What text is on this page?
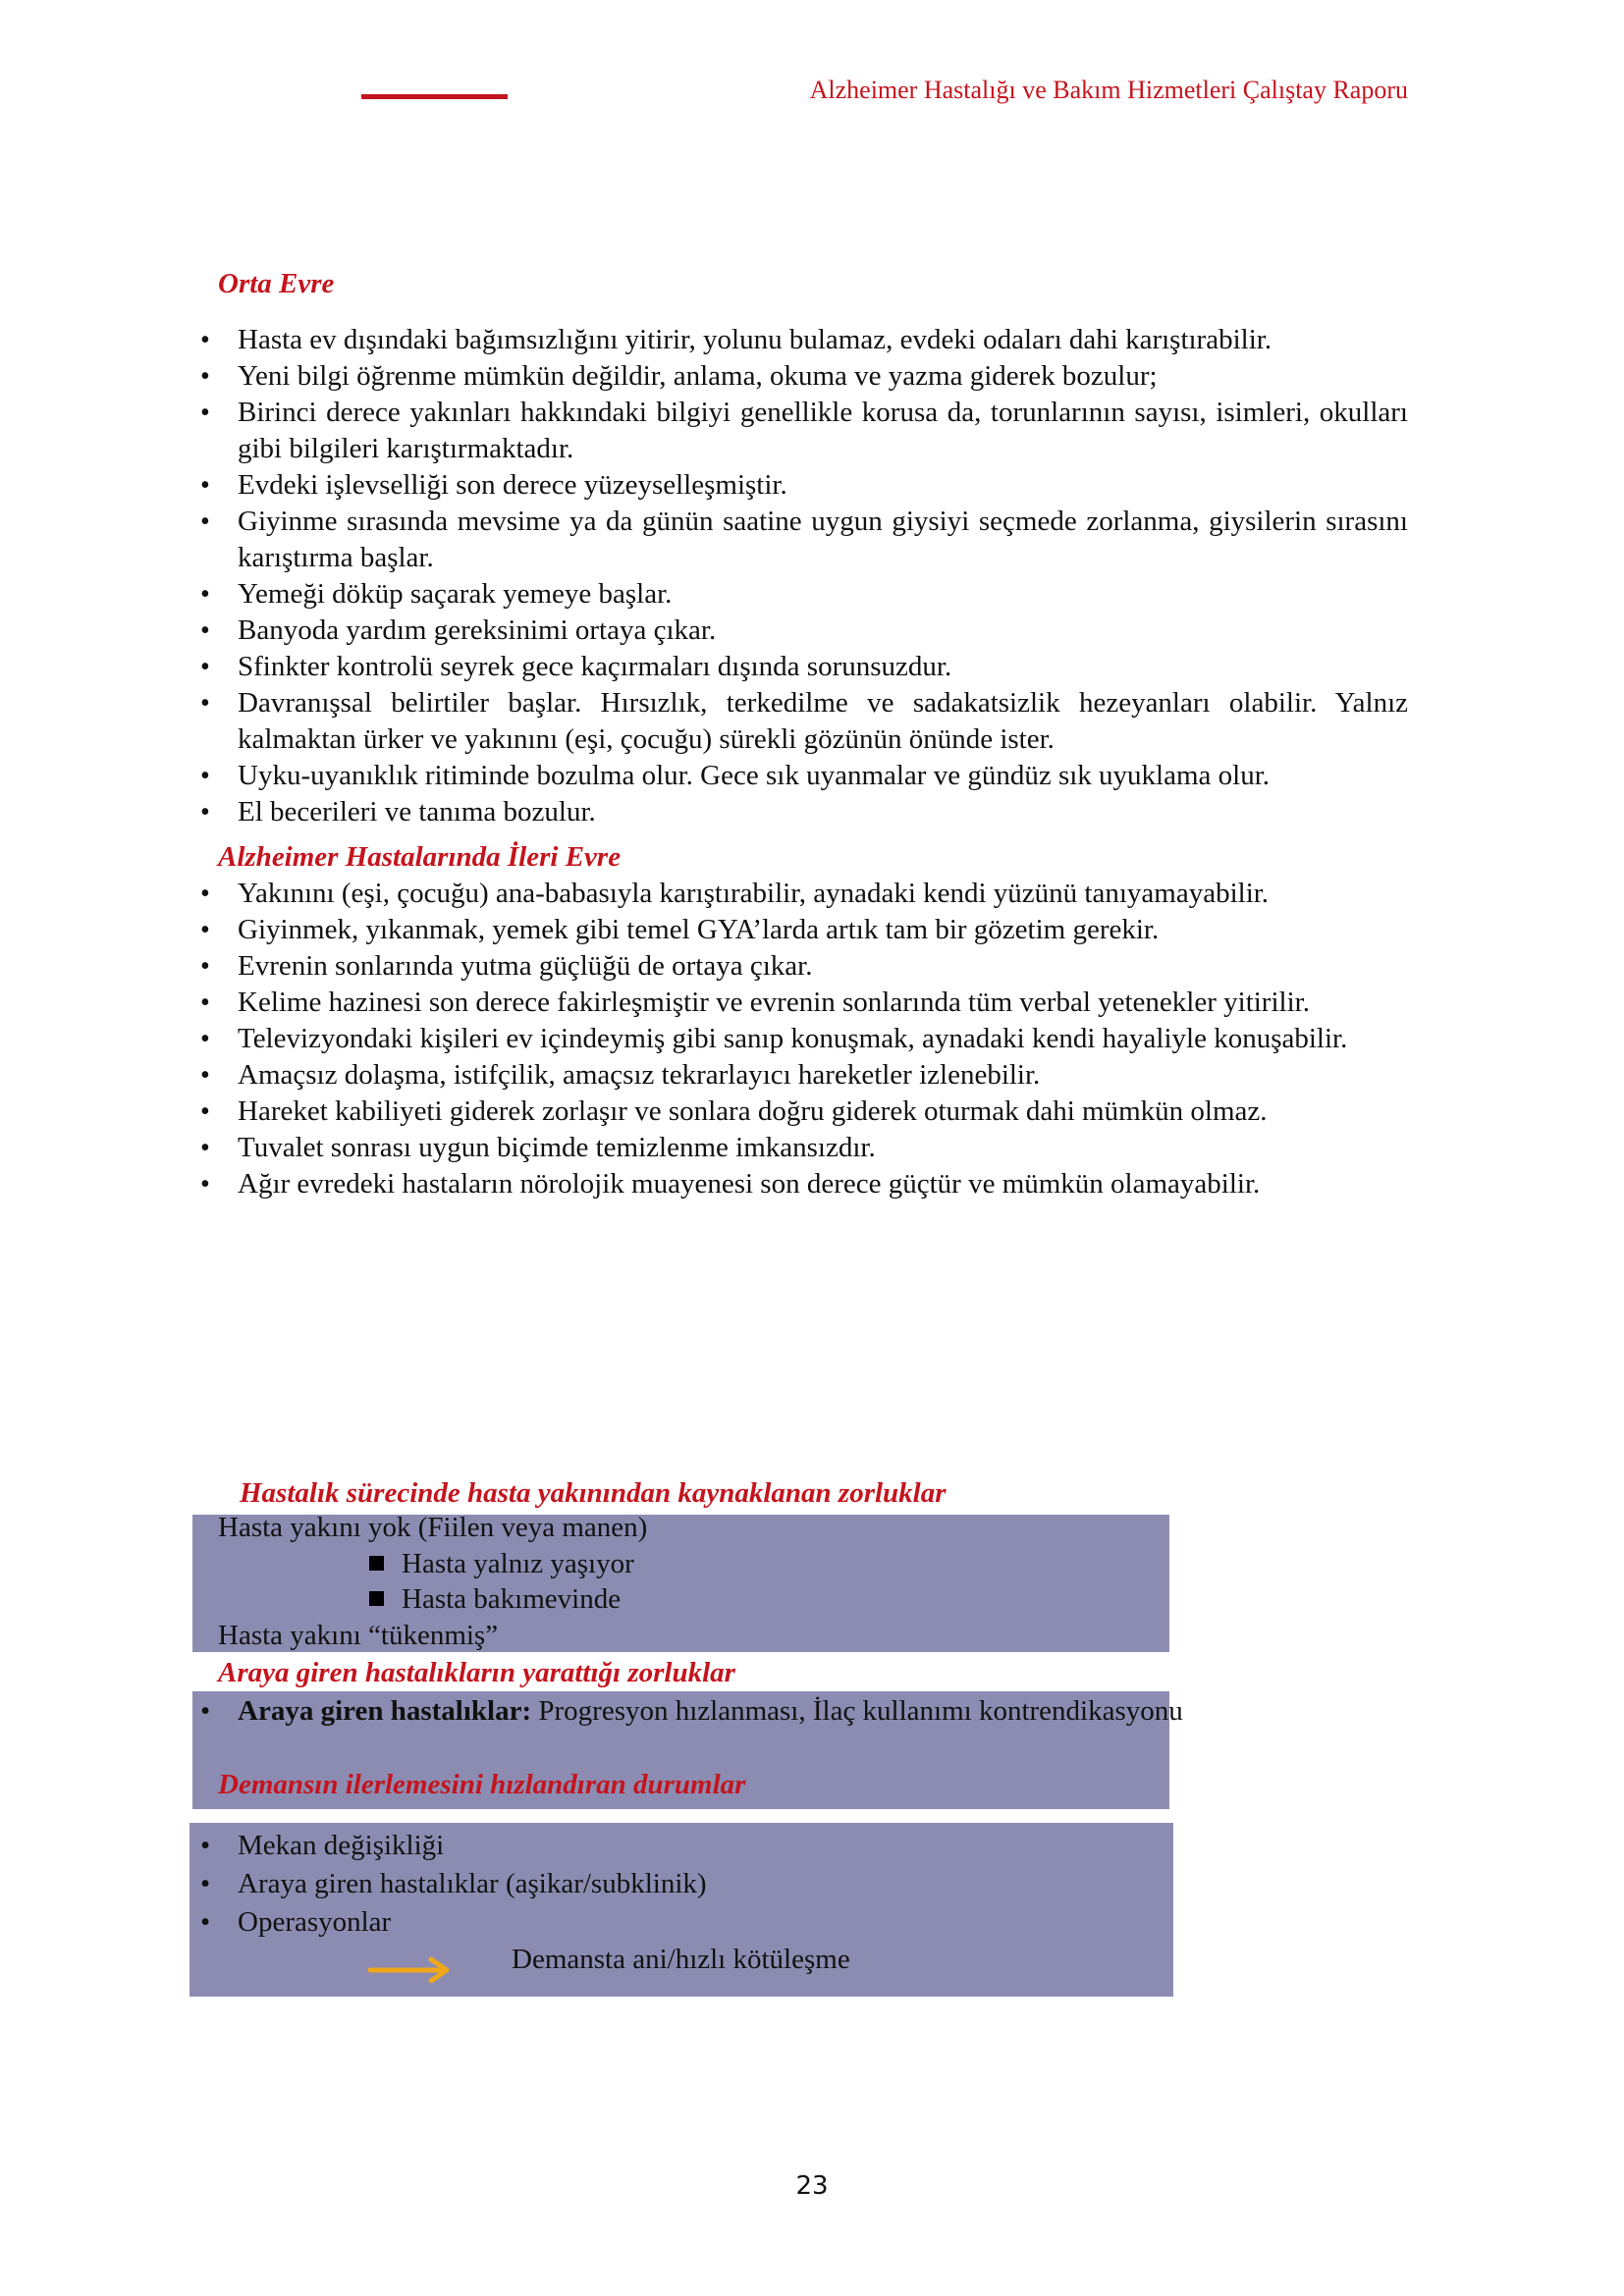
Alzheimer Hastalığı ve Bakım Hizmetleri Çalıştay Raporu
Orta Evre
• Hasta ev dışındaki bağımsızlığını yitirir, yolunu bulamaz, evdeki odaları dahi karıştırabilir.
• Yeni bilgi öğrenme mümkün değildir, anlama, okuma ve yazma giderek bozulur;
• Birinci derece yakınları hakkındaki bilgiyi genellikle korusa da, torunlarının sayısı, isimleri, okulları gibi bilgileri karıştırmaktadır.
• Evdeki işlevselliği son derece yüzeyselleşmiştir.
• Giyinme sırasında mevsime ya da günün saatine uygun giysiyi seçmede zorlanma, giysilerin sırasını karıştırma başlar.
• Yemeği döküp saçarak yemeye başlar.
• Banyoda yardım gereksinimi ortaya çıkar.
• Sfinkter kontrolü seyrek gece kaçırmaları dışında sorunsuzdur.
• Davranışsal belirtiler başlar. Hırsızlık, terkedilme ve sadakatsizlik hezeyanları olabilir. Yalnız kalmaktan ürker ve yakınını (eşi, çocuğu) sürekli gözünün önünde ister.
• Uyku-uyanıklık ritiminde bozulma olur. Gece sık uyanmalar ve gündüz sık uyuklama olur.
• El becerileri ve tanıma bozulur.
Alzheimer Hastalarında İleri Evre
• Yakınını (eşi, çocuğu) ana-babasıyla karıştırabilir, aynadaki kendi yüzünü tanıyamayabilir.
• Giyinmek, yıkanmak, yemek gibi temel GYA’larda artık tam bir gözetim gerekir.
• Evrenin sonlarında yutma güçlüğü de ortaya çıkar.
• Kelime hazinesi son derece fakirleşmiştir ve evrenin sonlarında tüm verbal yetenekler yitirilir.
• Televizyondaki kişileri ev içindeymiş gibi sanıp konuşmak, aynadaki kendi hayaliyle konuşabilir.
• Amaçsız dolaşma, istifçilik, amaçsız tekrarlayıcı hareketler izlenebilir.
• Hareket kabiliyeti giderek zorlaşır ve sonlara doğru giderek oturmak dahi mümkün olmaz.
• Tuvalet sonrası uygun biçimde temizlenme imkansızdır.
• Ağır evredeki hastaların nörolojik muayenesi son derece güçtür ve mümkün olamayabilir.
Hastalık sürecinde hasta yakınından kaynaklanan zorluklar
Hasta yakını yok (Fiilen veya manen)
Hasta yalnız yaşıyor
Hasta bakımevinde
Hasta yakını “tükenmiş”
Araya giren hastalıkların yarattığı zorluklar
• Araya giren hastalıklar: Progresyon hızlanması, İlaç kullanımı kontrendikasyonu
Demansın ilerlemesini hızlandıran durumlar
• Mekan değişikliği
• Araya giren hastalıklar (aşikar/subklinik)
• Operasyonlar
Demansta ani/hızlı kötüleşme
23
